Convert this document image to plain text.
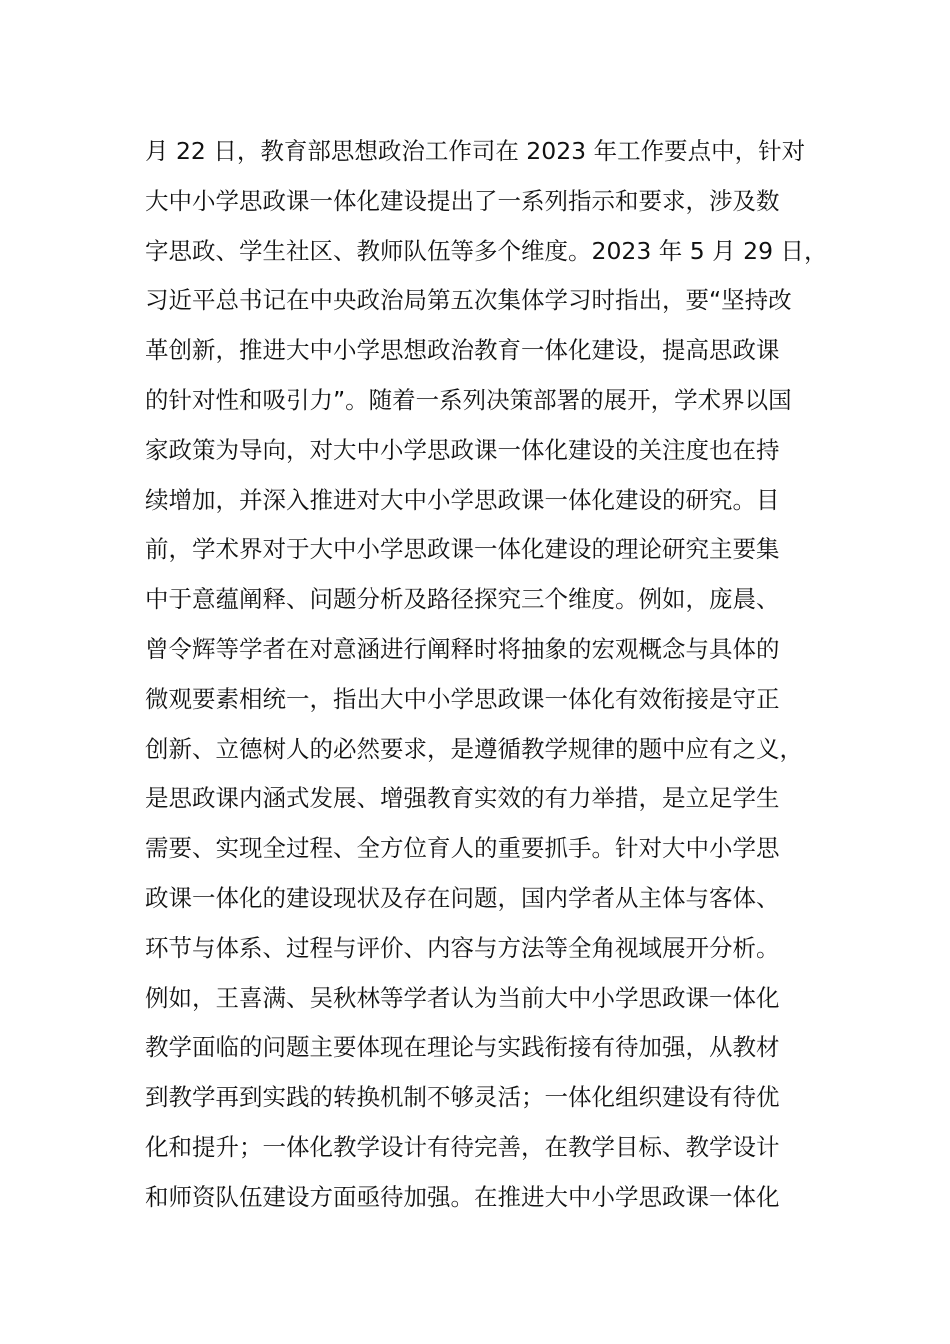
月 22 日，教育部思想政治工作司在 2023 年工作要点中，针对
大中小学思政课一体化建设提出了一系列指示和要求，涉及数
字思政、学生社区、教师队伍等多个维度。2023 年 5 月 29 日，
习近平总书记在中央政治局第五次集体学习时指出，要“坚持改
革创新，推进大中小学思想政治教育一体化建设，提高思政课
的针对性和吸引力”。随着一系列决策部署的展开，学术界以国
家政策为导向，对大中小学思政课一体化建设的关注度也在持
续增加，并深入推进对大中小学思政课一体化建设的研究。目
前，学术界对于大中小学思政课一体化建设的理论研究主要集
中于意蕴阐释、问题分析及路径探究三个维度。例如，庞晨、
曾令辉等学者在对意涵进行阐释时将抽象的宏观概念与具体的
微观要素相统一，指出大中小学思政课一体化有效衔接是守正
创新、立德树人的必然要求，是遵循教学规律的题中应有之义，
是思政课内涵式发展、增强教育实效的有力举措，是立足学生
需要、实现全过程、全方位育人的重要抓手。针对大中小学思
政课一体化的建设现状及存在问题，国内学者从主体与客体、
环节与体系、过程与评价、内容与方法等全角视域展开分析。
例如，王喜满、吴秋林等学者认为当前大中小学思政课一体化
教学面临的问题主要体现在理论与实践衔接有待加强，从教材
到教学再到实践的转换机制不够灵活；一体化组织建设有待优
化和提升；一体化教学设计有待完善，在教学目标、教学设计
和师资队伍建设方面亟待加强。在推进大中小学思政课一体化
